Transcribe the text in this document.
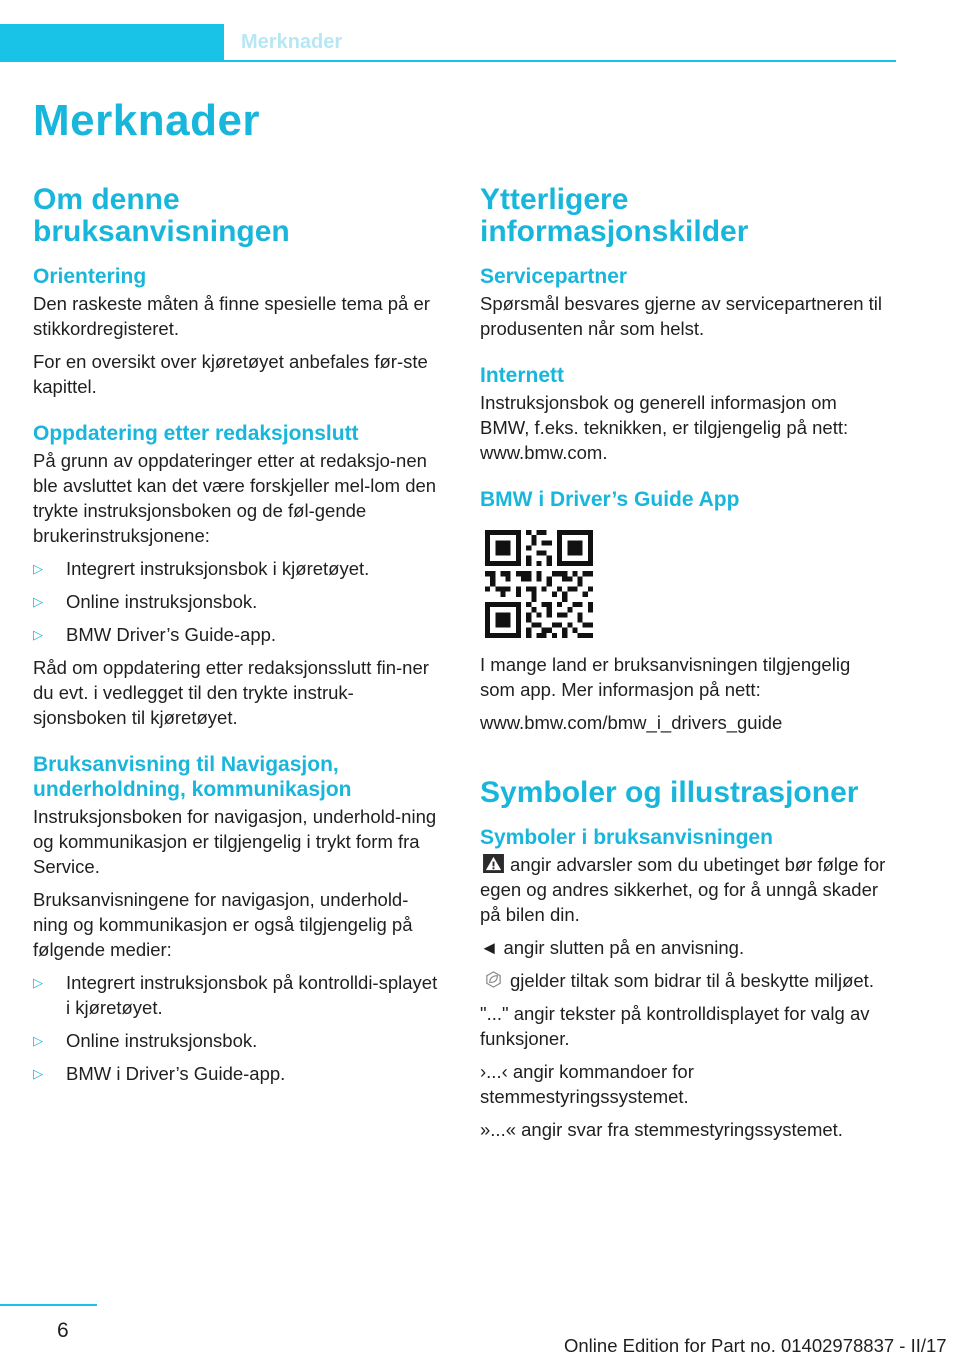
Merknader
Merknader
Om denne bruksanvisningen
Orientering

Den raskeste måten å finne spesielle tema på er stikkordregisteret.

For en oversikt over kjøretøyet anbefales før-ste kapittel.

Oppdatering etter redaksjonslutt

På grunn av oppdateringer etter at redaksjo-nen ble avsluttet kan det være forskjeller mel-lom den trykte instruksjonsboken og de føl-gende brukerinstruksjonene:

▷ Integrert instruksjonsbok i kjøretøyet.
▷ Online instruksjonsbok.
▷ BMW Driver’s Guide-app.

Råd om oppdatering etter redaksjonsslutt fin-ner du evt. i vedlegget til den trykte instruk-sjonsboken til kjøretøyet.

Bruksanvisning til Navigasjon, underholdning, kommunikasjon

Instruksjonsboken for navigasjon, underhold-ning og kommunikasjon er tilgjengelig i trykt form fra Service.

Bruksanvisningene for navigasjon, underhold-ning og kommunikasjon er også tilgjengelig på følgende medier:

▷ Integrert instruksjonsbok på kontrolldi-splayet i kjøretøyet.
▷ Online instruksjonsbok.
▷ BMW i Driver’s Guide-app.
Ytterligere informasjonskilder
Servicepartner

Spørsmål besvares gjerne av servicepartneren til produsenten når som helst.

Internett

Instruksjonsbok og generell informasjon om BMW, f.eks. teknikken, er tilgjengelig på nett: www.bmw.com.

BMW i Driver’s Guide App

I mange land er bruksanvisningen tilgjengelig som app. Mer informasjon på nett:

www.bmw.com/bmw_i_drivers_guide

Symboler og illustrasjoner
Symboler i bruksanvisningen

angir advarsler som du ubetinget bør følge for egen og andres sikkerhet, og for å unngå skader på bilen din.

◄ angir slutten på en anvisning.

gjelder tiltak som bidrar til å beskytte miljøet.

"..." angir tekster på kontrolldisplayet for valg av funksjoner.

›...‹ angir kommandoer for stemmestyringssystemet.

»...« angir svar fra stemmestyringssystemet.

6
Online Edition for Part no. 01402978837 - II/17
